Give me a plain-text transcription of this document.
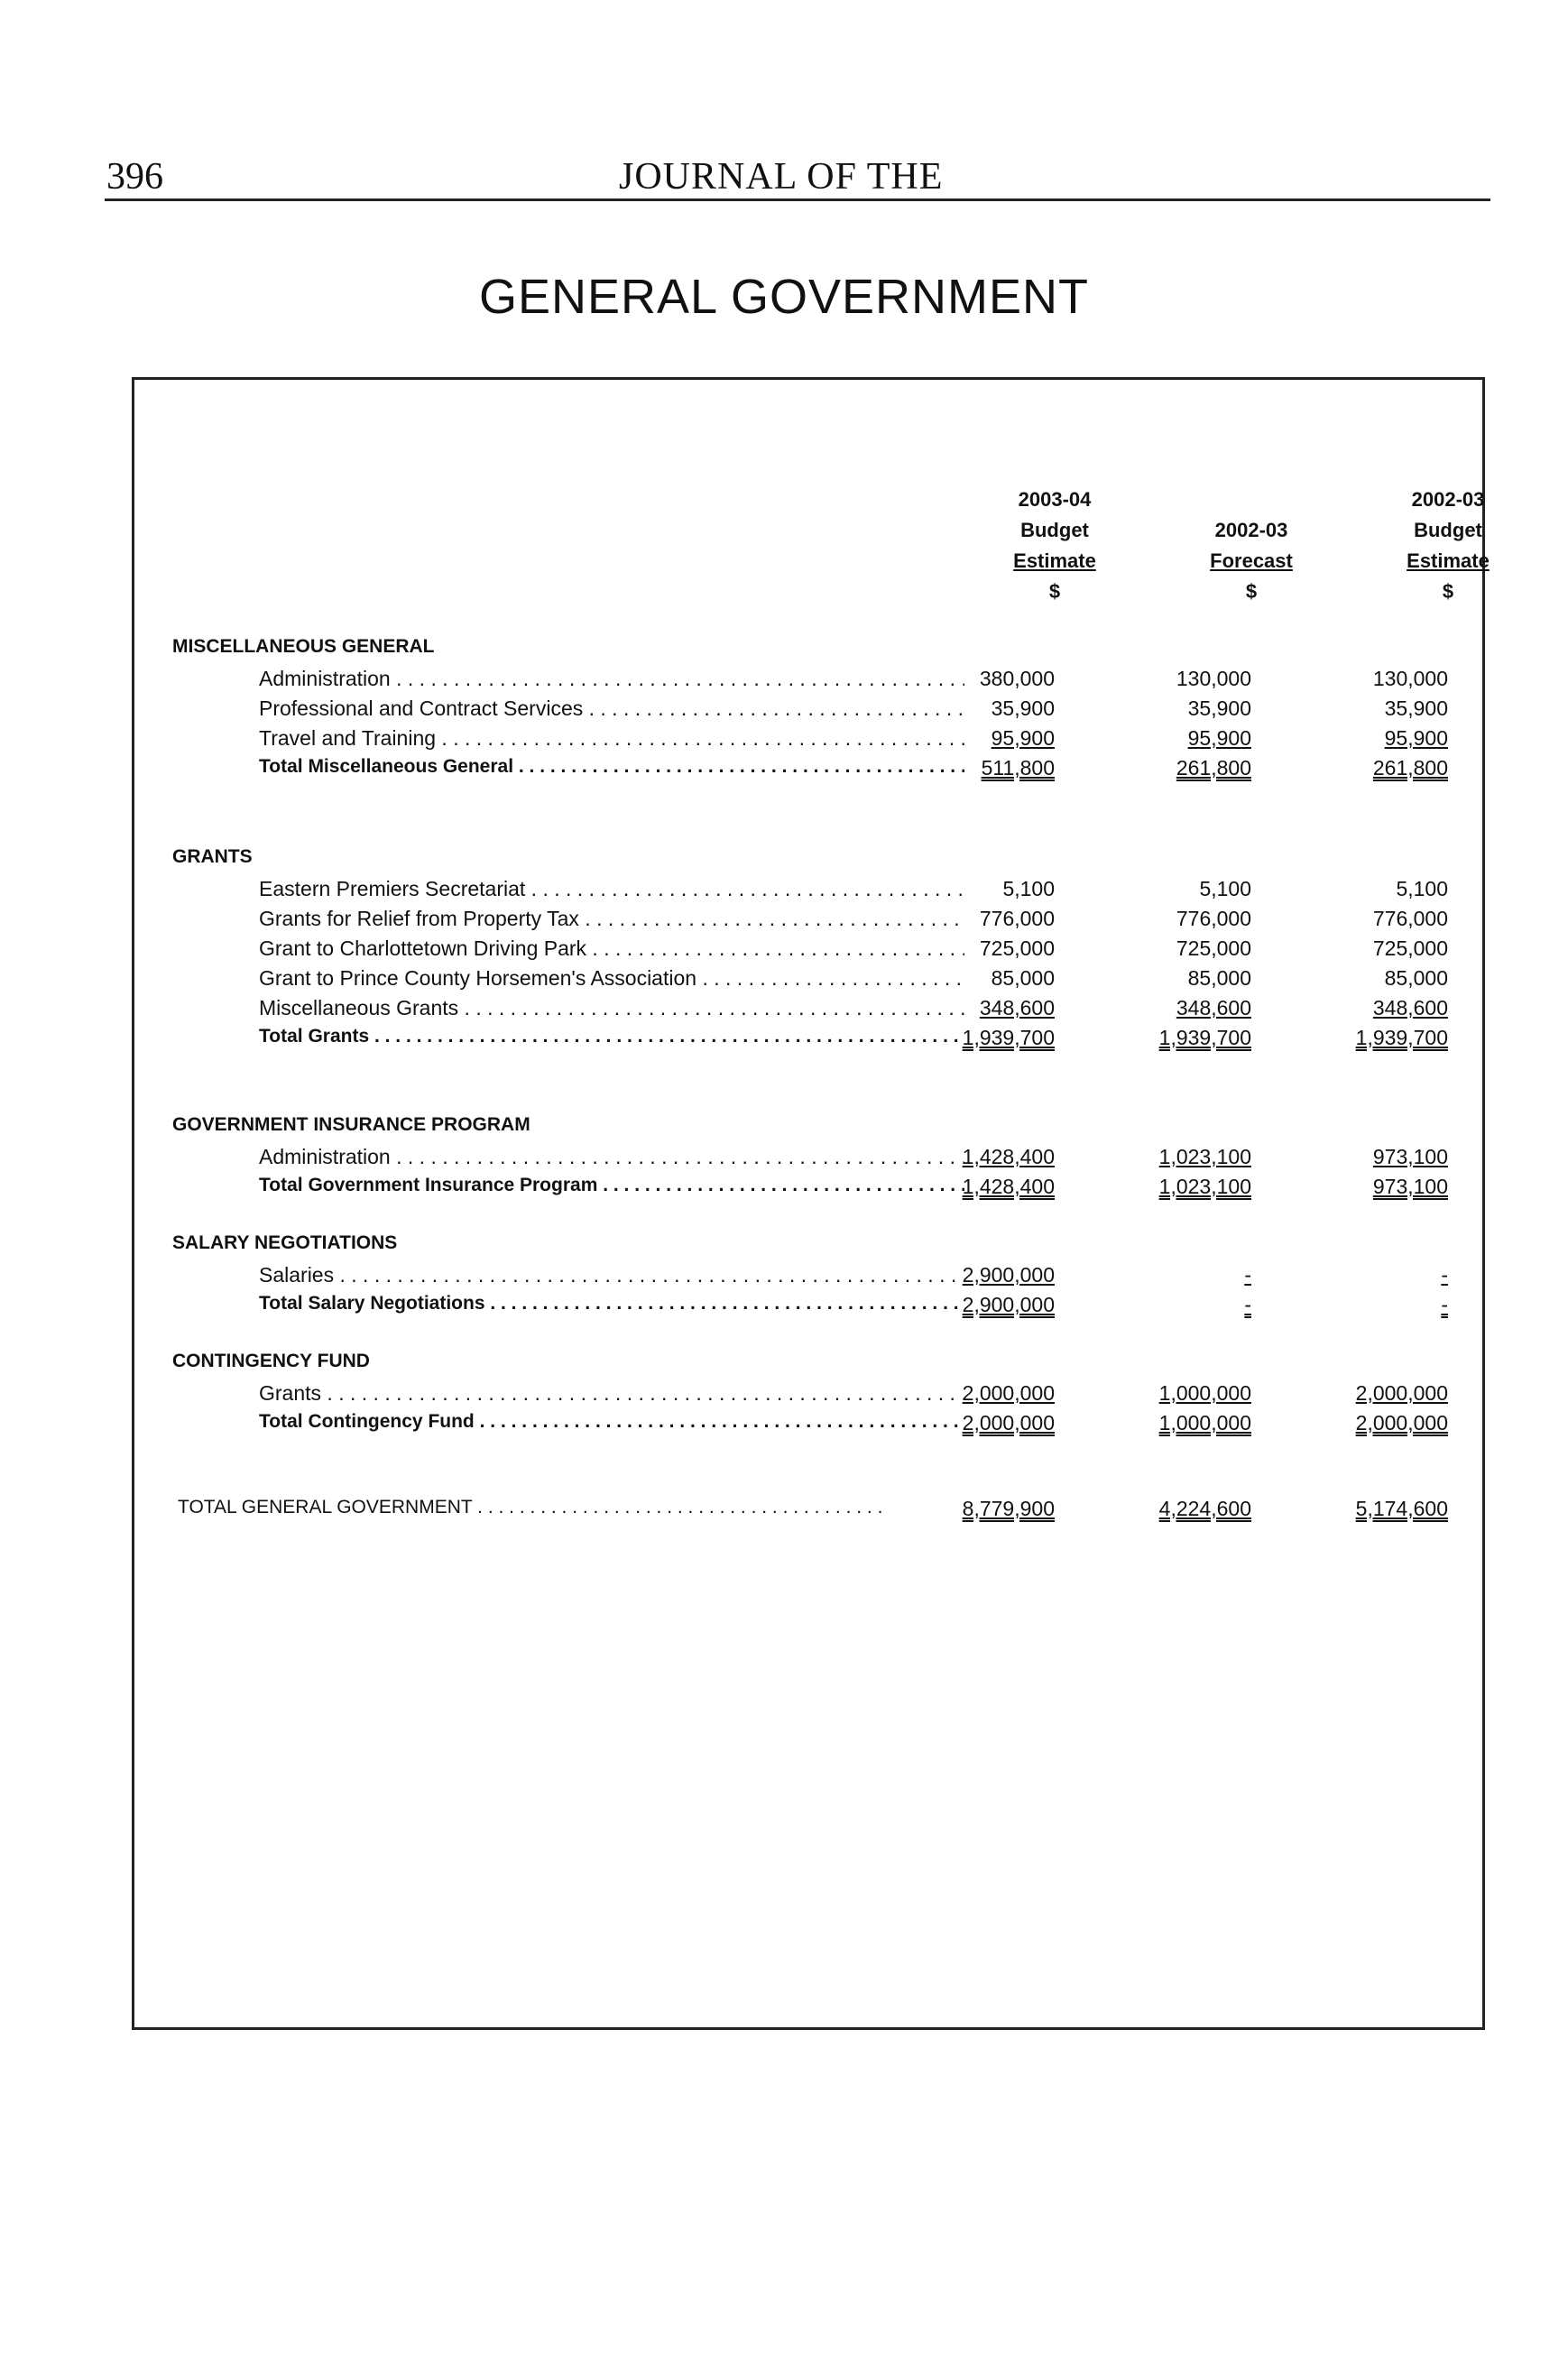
396	JOURNAL OF THE
GENERAL GOVERNMENT
2003-04
Budget
Estimate
$
2002-03
Forecast
$
2002-03
Budget
Estimate
$
MISCELLANEOUS GENERAL
Administration . . .	380,000	130,000	130,000
Professional and Contract Services . . .	35,900	35,900	35,900
Travel and Training . . .	95,900	95,900	95,900
Total Miscellaneous General . . .	511,800	261,800	261,800
GRANTS
Eastern Premiers Secretariat . . .	5,100	5,100	5,100
Grants for Relief from Property Tax . . .	776,000	776,000	776,000
Grant to Charlottetown Driving Park . . .	725,000	725,000	725,000
Grant to Prince County Horsemen's Association . . .	85,000	85,000	85,000
Miscellaneous Grants . . .	348,600	348,600	348,600
Total Grants . . .	1,939,700	1,939,700	1,939,700
GOVERNMENT INSURANCE PROGRAM
Administration . . .	1,428,400	1,023,100	973,100
Total Government Insurance Program . . .	1,428,400	1,023,100	973,100
SALARY NEGOTIATIONS
Salaries . . .	2,900,000	-	-
Total Salary Negotiations . . .	2,900,000	-	-
CONTINGENCY FUND
Grants . . .	2,000,000	1,000,000	2,000,000
Total Contingency Fund . . .	2,000,000	1,000,000	2,000,000
TOTAL GENERAL GOVERNMENT . . .	8,779,900	4,224,600	5,174,600
